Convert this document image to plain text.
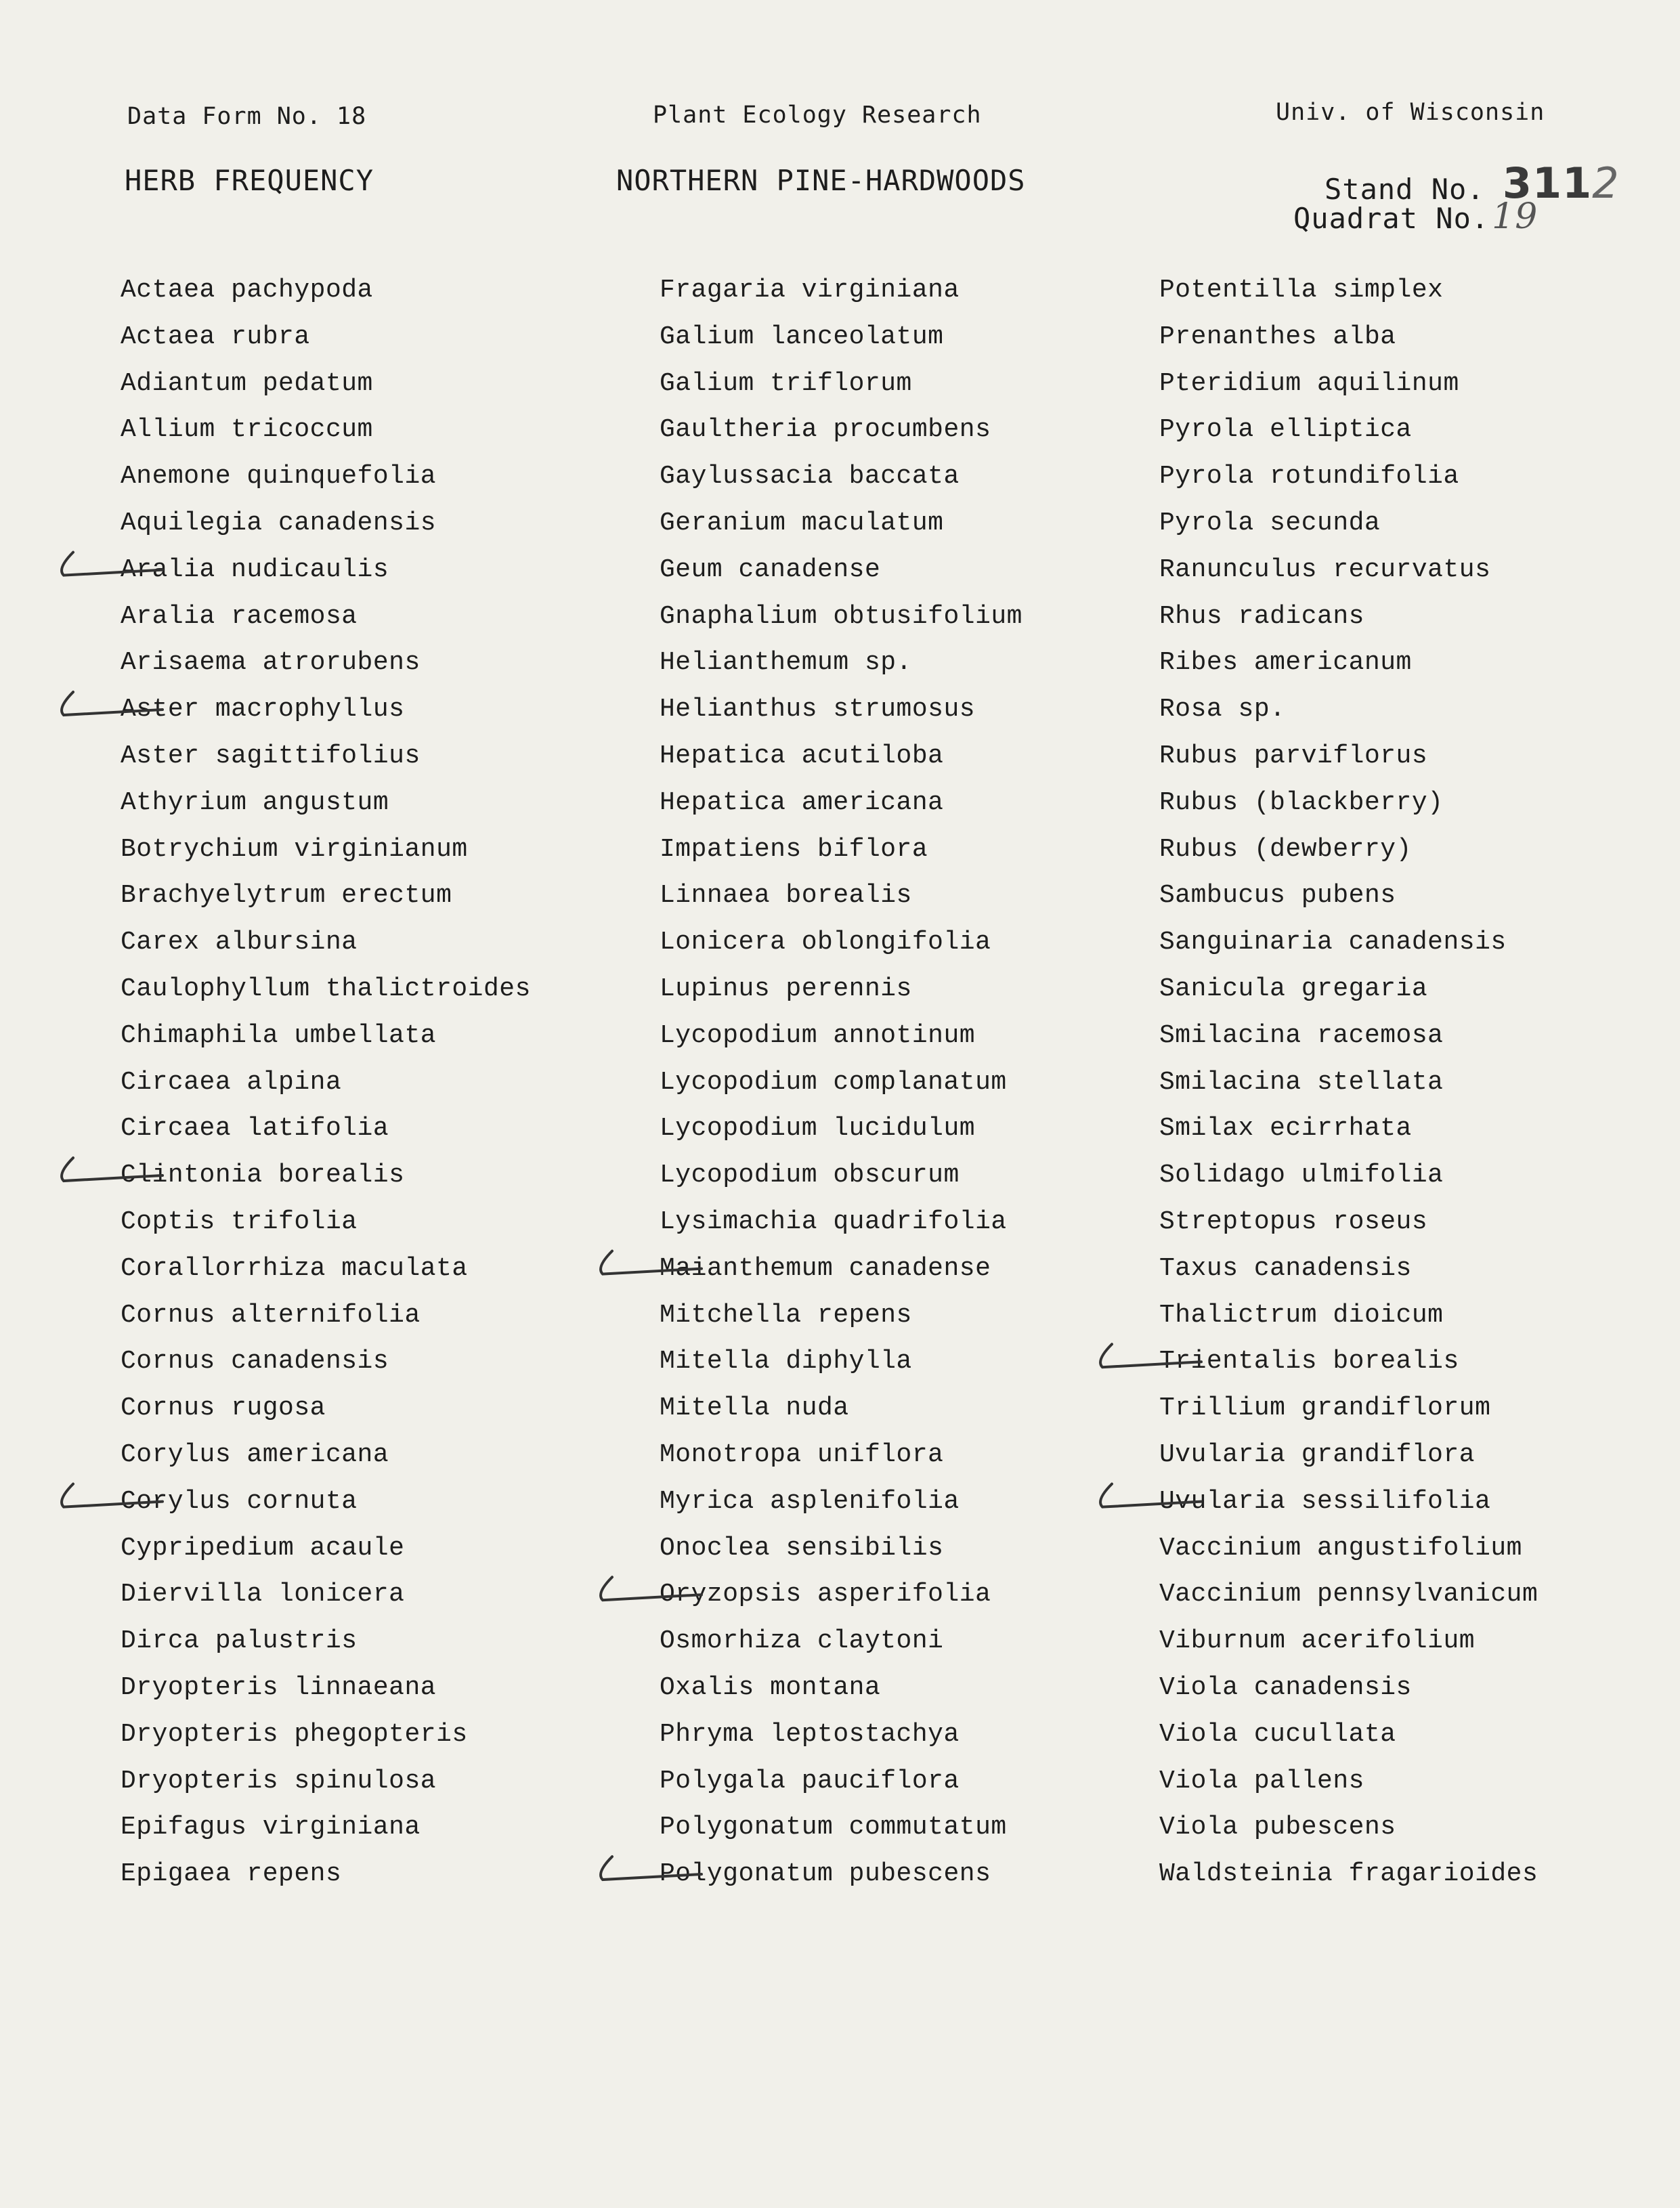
Data Form No. 18	Plant Ecology Research	Univ. of Wisconsin
HERB FREQUENCY	NORTHERN PINE-HARDWOODS	Stand No. 3112
Quadrat No.19
Actaea pachypoda
Actaea rubra
Adiantum pedatum
Allium tricoccum
Anemone quinquefolia
Aquilegia canadensis
Aralia nudicaulis
Aralia racemosa
Arisaema atrorubens
Aster macrophyllus
Aster sagittifolius
Athyrium angustum
Botrychium virginianum
Brachyelytrum erectum
Carex albursina
Caulophyllum thalictroides
Chimaphila umbellata
Circaea alpina
Circaea latifolia
Clintonia borealis
Coptis trifolia
Corallorrhiza maculata
Cornus alternifolia
Cornus canadensis
Cornus rugosa
Corylus americana
Corylus cornuta
Cypripedium acaule
Diervilla lonicera
Dirca palustris
Dryopteris linnaeana
Dryopteris phegopteris
Dryopteris spinulosa
Epifagus virginiana
Epigaea repens
Fragaria virginiana
Galium lanceolatum
Galium triflorum
Gaultheria procumbens
Gaylussacia baccata
Geranium maculatum
Geum canadense
Gnaphalium obtusifolium
Helianthemum sp.
Helianthus strumosus
Hepatica acutiloba
Hepatica americana
Impatiens biflora
Linnaea borealis
Lonicera oblongifolia
Lupinus perennis
Lycopodium annotinum
Lycopodium complanatum
Lycopodium lucidulum
Lycopodium obscurum
Lysimachia quadrifolia
Maianthemum canadense
Mitchella repens
Mitella diphylla
Mitella nuda
Monotropa uniflora
Myrica asplenifolia
Onoclea sensibilis
Oryzopsis asperifolia
Osmorhiza claytoni
Oxalis montana
Phryma leptostachya
Polygala pauciflora
Polygonatum commutatum
Polygonatum pubescens
Potentilla simplex
Prenanthes alba
Pteridium aquilinum
Pyrola elliptica
Pyrola rotundifolia
Pyrola secunda
Ranunculus recurvatus
Rhus radicans
Ribes americanum
Rosa sp.
Rubus parviflorus
Rubus (blackberry)
Rubus (dewberry)
Sambucus pubens
Sanguinaria canadensis
Sanicula gregaria
Smilacina racemosa
Smilacina stellata
Smilax ecirrhata
Solidago ulmifolia
Streptopus roseus
Taxus canadensis
Thalictrum dioicum
Trientalis borealis
Trillium grandiflorum
Uvularia grandiflora
Uvularia sessilifolia
Vaccinium angustifolium
Vaccinium pennsylvanicum
Viburnum acerifolium
Viola canadensis
Viola cucullata
Viola pallens
Viola pubescens
Waldsteinia fragarioides
